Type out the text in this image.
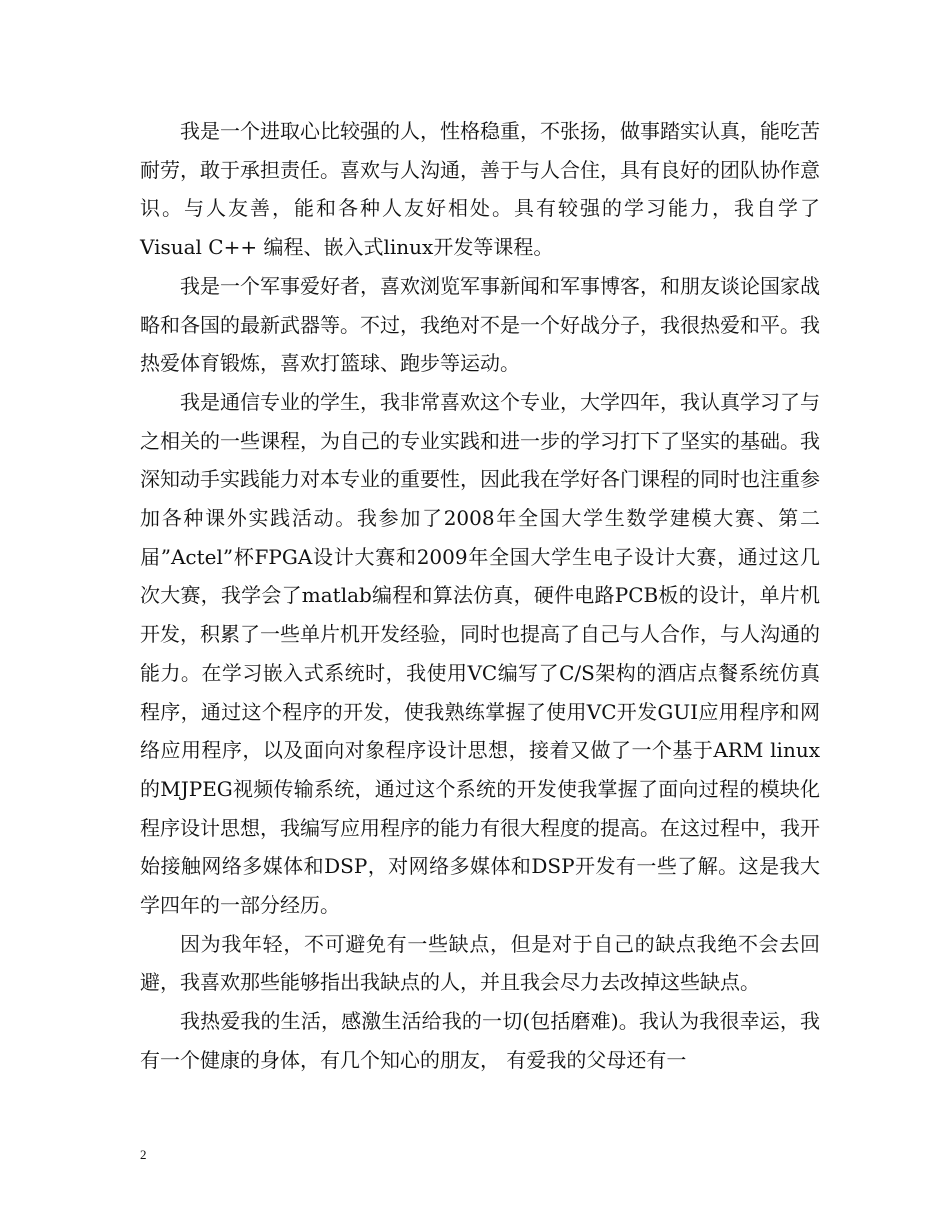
我是一个进取心比较强的人，性格稳重，不张扬，做事踏实认真，能吃苦耐劳，敢于承担责任。喜欢与人沟通，善于与人合住，具有良好的团队协作意识。与人友善，能和各种人友好相处。具有较强的学习能力，我自学了Visual C++ 编程、嵌入式linux开发等课程。

我是一个军事爱好者，喜欢浏览军事新闻和军事博客，和朋友谈论国家战略和各国的最新武器等。不过，我绝对不是一个好战分子，我很热爱和平。我热爱体育锻炼，喜欢打篮球、跑步等运动。

我是通信专业的学生，我非常喜欢这个专业，大学四年，我认真学习了与之相关的一些课程，为自己的专业实践和进一步的学习打下了坚实的基础。我深知动手实践能力对本专业的重要性，因此我在学好各门课程的同时也注重参加各种课外实践活动。我参加了2008年全国大学生数学建模大赛、第二届”Actel”杯FPGA设计大赛和2009年全国大学生电子设计大赛，通过这几次大赛，我学会了matlab编程和算法仿真，硬件电路PCB板的设计，单片机开发，积累了一些单片机开发经验，同时也提高了自己与人合作，与人沟通的能力。在学习嵌入式系统时，我使用VC编写了C/S架构的酒店点餐系统仿真程序，通过这个程序的开发，使我熟练掌握了使用VC开发GUI应用程序和网络应用程序，以及面向对象程序设计思想，接着又做了一个基于ARM linux的MJPEG视频传输系统，通过这个系统的开发使我掌握了面向过程的模块化程序设计思想，我编写应用程序的能力有很大程度的提高。在这过程中，我开始接触网络多媒体和DSP，对网络多媒体和DSP开发有一些了解。这是我大学四年的一部分经历。

因为我年轻，不可避免有一些缺点，但是对于自己的缺点我绝不会去回避，我喜欢那些能够指出我缺点的人，并且我会尽力去改掉这些缺点。

我热爱我的生活，感激生活给我的一切(包括磨难)。我认为我很幸运，我有一个健康的身体，有几个知心的朋友， 有爱我的父母还有一

2
